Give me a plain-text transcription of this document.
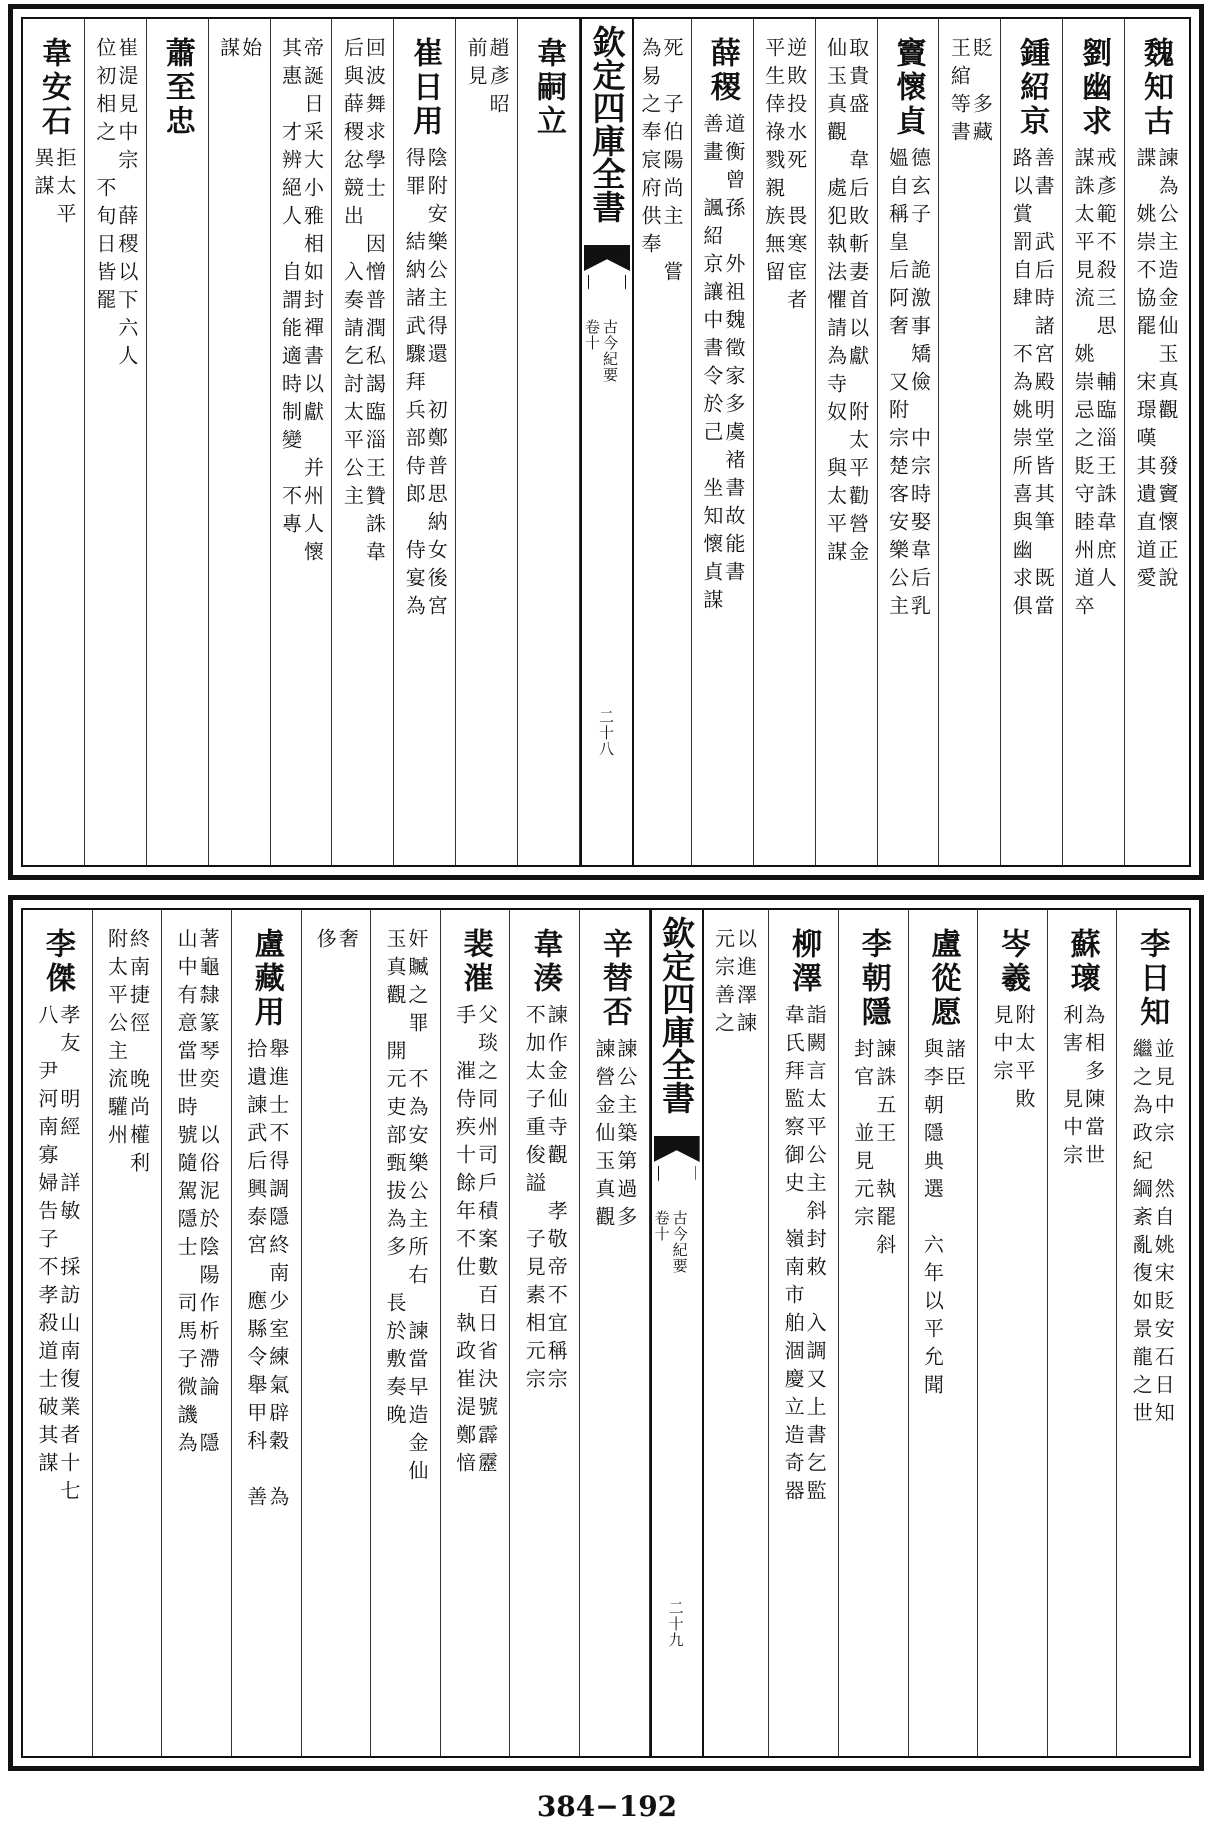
魏知古
諫為公主造金仙玉真觀　發竇懷正說
諜　姚崇不協罷　宋璟嘆其遺直道愛
劉幽求
戒彥範不殺三思　輔臨淄王誅韋庶人
謀誅太平見流　姚崇忌之貶守睦州道卒
鍾紹京
善書　武后時諸宮殿明堂皆其筆　既當
路以賞罰自肆　不為姚崇所喜與幽求俱
貶　多藏
王綰等書
竇懷貞
德玄子　詭激事矯儉　中宗時娶韋后乳
媼自稱皇后阿奢　又附宗楚客安樂公主
取貴盛　韋后敗斬妻首以獻　附太平勸營金
仙玉真觀　處犯執法懼請為寺奴　與太平謀
逆敗投水死　畏寒宦者
平生倖祿戮親族無留
薛稷
道衡曾孫　外祖魏徵家多虞褚書故能書
善畫　諷紹京讓中書令於己　坐知懷貞謀
死　子伯陽尚主　嘗
為易之奉宸府供奉
欽定四庫全書
卷十 古今紀要
二十八
韋嗣立
趙彥昭
前見
崔日用
陰附安樂公主得還　初鄭普思納女後宮
得罪　結納諸武驟拜兵部侍郎　侍宴為
回波舞求學士　因憎普潤私謁臨淄王贊誅韋
后與薛稷忿競出　入奏請乞討太平公主
帝誕日采大小雅相如封禪書以獻　并州人懷
其惠　才辨絕人　自謂能適時制變　不專
始
謀
蕭至忠
崔湜見中宗　薛稷以下六人
位初相之　不旬日皆罷
韋安石
拒太平
異謀
李日知
並見中宗　然自姚宋貶安石日知
繼之為政紀綱紊亂復如景龍之世
蘇瓌
為相多陳當世
利害　見中宗
岑羲
附太平敗
見中宗
盧從愿
諸臣
與李朝隱典選　六年以平允聞
李朝隱
諫誅五王　執罷斜
封官　並見元宗
柳澤
詣闕言太平公主斜封敕　入調又上書乞監
韋氏拜監察御史　嶺南市舶涸慶立造奇器
以進澤諫
元宗善之
欽定四庫全書
卷十 古今紀要
二十九
辛替否
諫公主築第過多
諫營金仙玉真觀
韋湊
諫作金仙寺觀　孝敬帝不宜稱宗
不加太子重俊謚　子見素相元宗
裴漼
父琰之同州司戶積案數百日省決號霹靂
手　漼侍疾十餘年不仕　執政崔湜鄭愔
奸贓之罪　不為安樂公主所右　諫當早造金仙
玉真觀　開元吏部甄拔為多　長於敷奏晚
奢
侈
盧藏用
舉進士不得調隱終南少室練氣辟穀　為
拾遺諫武后興泰宮　應縣令舉甲科　善
著龜隸篆琴奕　以俗泥於陰陽作析滯論　隱
山中有意當世時號隨駕隱士　司馬子微譏為
終南捷徑　晚尚權利
附太平公主流驩州
李傑
孝友　明經　詳敏　採訪山南復業者十七
八　尹河南寡婦告子不孝殺道士破其謀
384−192
